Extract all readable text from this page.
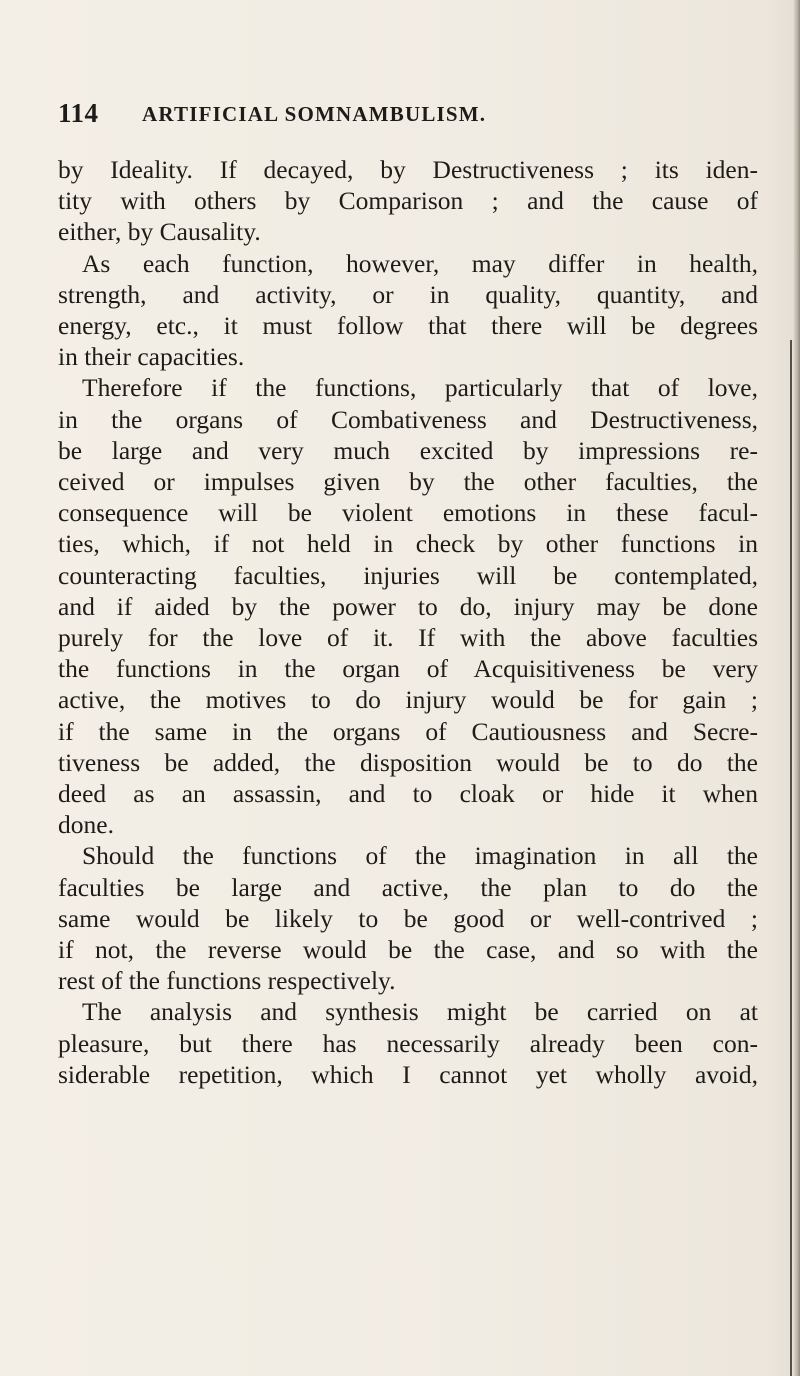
114 ARTIFICIAL SOMNAMBULISM.
by Ideality. If decayed, by Destructiveness ; its iden-
tity with others by Comparison ; and the cause of
either, by Causality.
As each function, however, may differ in health,
strength, and activity, or in quality, quantity, and
energy, etc., it must follow that there will be degrees
in their capacities.
Therefore if the functions, particularly that of love,
in the organs of Combativeness and Destructiveness,
be large and very much excited by impressions re-
ceived or impulses given by the other faculties, the
consequence will be violent emotions in these facul-
ties, which, if not held in check by other functions in
counteracting faculties, injuries will be contemplated,
and if aided by the power to do, injury may be done
purely for the love of it. If with the above faculties
the functions in the organ of Acquisitiveness be very
active, the motives to do injury would be for gain ;
if the same in the organs of Cautiousness and Secre-
tiveness be added, the disposition would be to do the
deed as an assassin, and to cloak or hide it when
done.
Should the functions of the imagination in all the
faculties be large and active, the plan to do the
same would be likely to be good or well-contrived ;
if not, the reverse would be the case, and so with the
rest of the functions respectively.
The analysis and synthesis might be carried on at
pleasure, but there has necessarily already been con-
siderable repetition, which I cannot yet wholly avoid,
